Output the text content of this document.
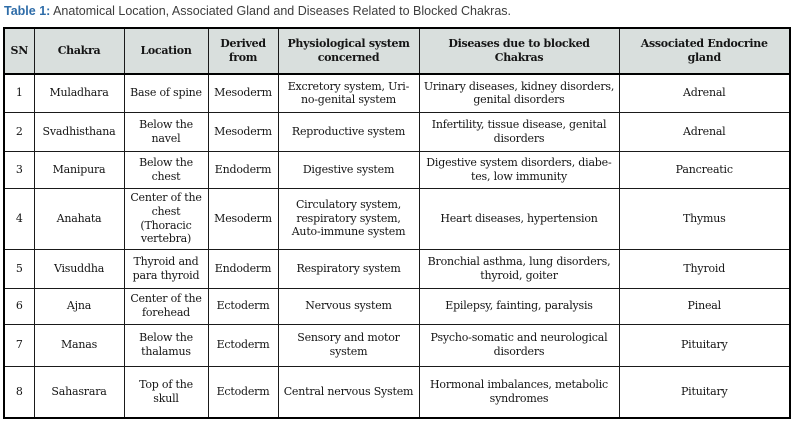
Table 1: Anatomical Location, Associated Gland and Diseases Related to Blocked Chakras.

SN	Chakra	Location	Derived from	Physiological system concerned	Diseases due to blocked Chakras	Associated Endocrine gland
1	Muladhara	Base of spine	Mesoderm	Excretory system, Urino-genital system	Urinary diseases, kidney disorders, genital disorders	Adrenal
2	Svadhisthana	Below the navel	Mesoderm	Reproductive system	Infertility, tissue disease, genital disorders	Adrenal
3	Manipura	Below the chest	Endoderm	Digestive system	Digestive system disorders, diabetes, low immunity	Pancreatic
4	Anahata	Center of the chest (Thoracic vertebra)	Mesoderm	Circulatory system, respiratory system, Auto-immune system	Heart diseases, hypertension	Thymus
5	Visuddha	Thyroid and para thyroid	Endoderm	Respiratory system	Bronchial asthma, lung disorders, thyroid, goiter	Thyroid
6	Ajna	Center of the forehead	Ectoderm	Nervous system	Epilepsy, fainting, paralysis	Pineal
7	Manas	Below the thalamus	Ectoderm	Sensory and motor system	Psycho-somatic and neurological disorders	Pituitary
8	Sahasrara	Top of the skull	Ectoderm	Central nervous System	Hormonal imbalances, metabolic syndromes	Pituitary
